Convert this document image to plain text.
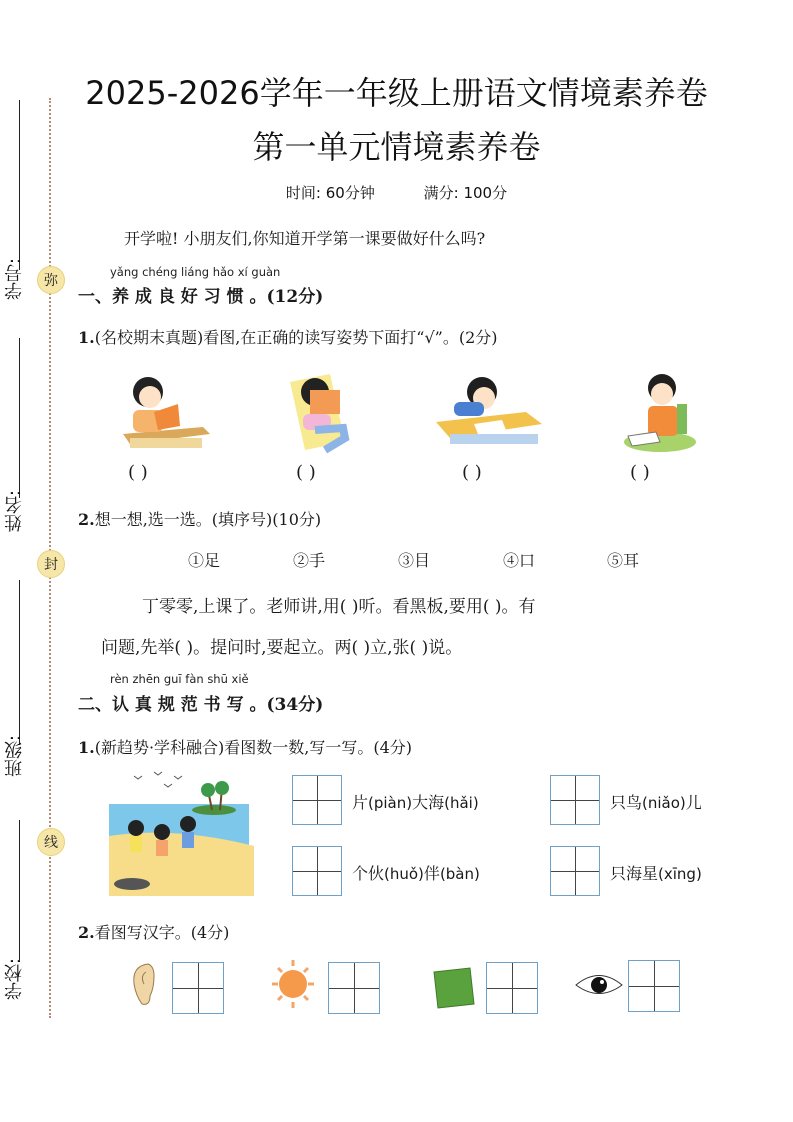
弥
封
线
学号:
姓名:
班级:
学校:
2025-2026学年一年级上册语文情境素养卷
第一单元情境素养卷
时间: 60分钟	满分: 100分
开学啦! 小朋友们,你知道开学第一课要做好什么吗?
yǎng chéng liáng hǎo xí guàn
一、养 成 良 好 习 惯 。(12分)
1.(名校期末真题)看图,在正确的读写姿势下面打“√”。(2分)
( )	( )	( )	( )
2.想一想,选一选。(填序号)(10分)
①足	②手	③目	④口	⑤耳
丁零零,上课了。老师讲,用( )听。看黑板,要用( )。有
问题,先举( )。提问时,要起立。两( )立,张( )说。
rèn zhēn guī fàn shū xiě
二、认 真 规 范 书 写 。(34分)
1.(新趋势·学科融合)看图数一数,写一写。(4分)
片(piàn)大海(hǎi)	只鸟(niǎo)儿
个伙(huǒ)伴(bàn)	只海星(xīng)
2.看图写汉字。(4分)
